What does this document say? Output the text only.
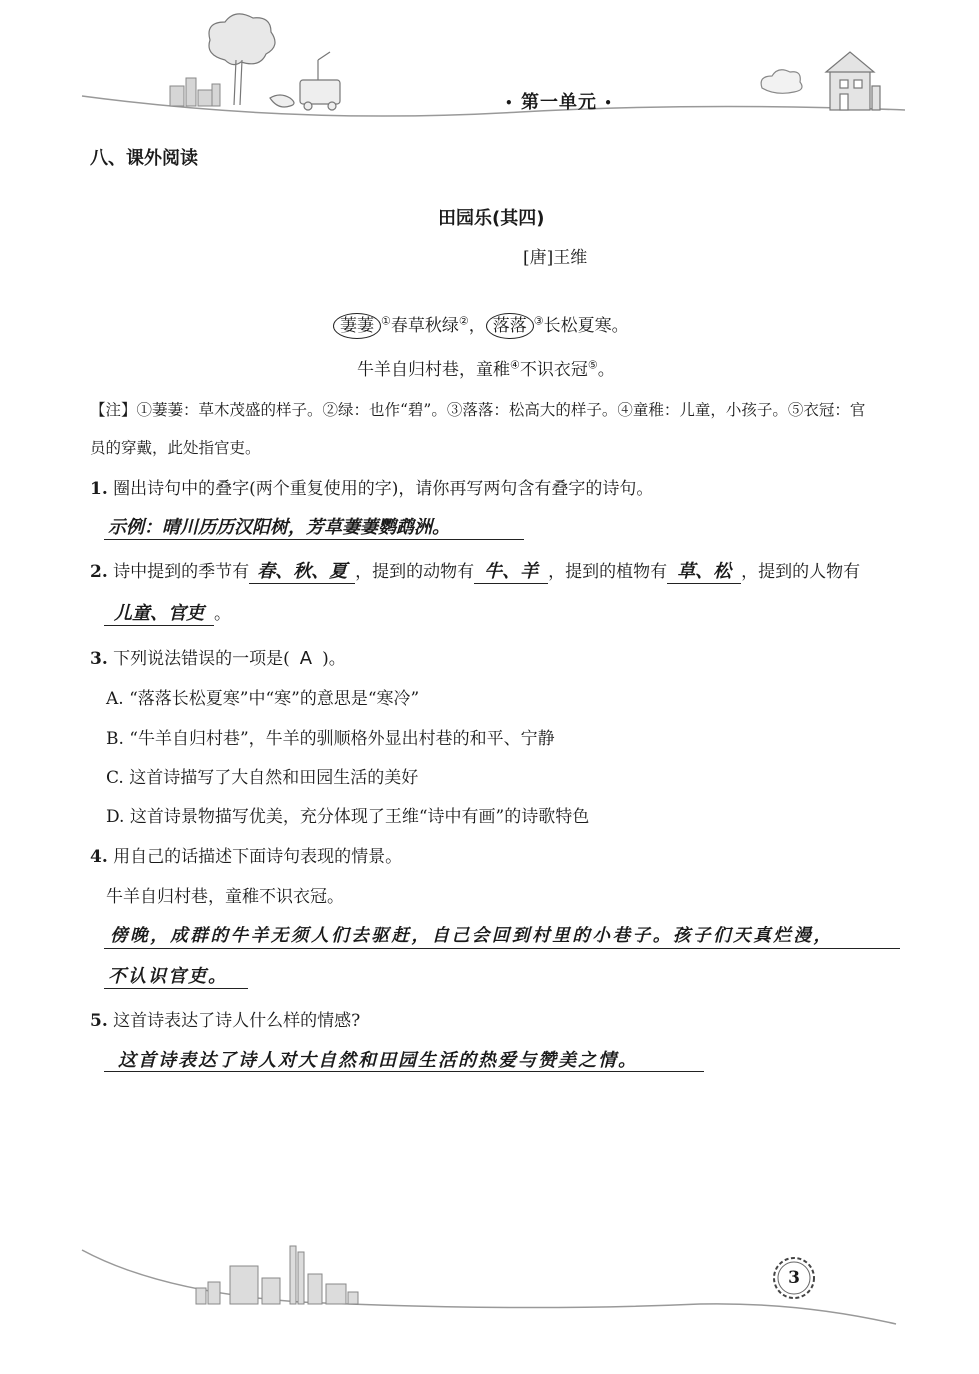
• 第一单元 •
八、课外阅读
田园乐(其四)
[唐]王维
萋萋 ①春草秋绿②， 落落 ③长松夏寒。
牛羊自归村巷，童稚④不识衣冠⑤。
【注】①萋萋：草木茂盛的样子。②绿：也作“碧”。③落落：松高大的样子。④童稚：儿童，小孩子。⑤衣冠：官
员的穿戴，此处指官吏。
1. 圈出诗句中的叠字(两个重复使用的字)，请你再写两句含有叠字的诗句。
示例：晴川历历汉阳树，芳草萋萋鹦鹉洲。
2. 诗中提到的季节有 春、秋、夏 ，提到的动物有 牛、羊 ，提到的植物有 草、松 ，提到的人物有
儿童、官吏 。
3. 下列说法错误的一项是( A )。
A. “落落长松夏寒”中“寒”的意思是“寒冷”
B. “牛羊自归村巷”，牛羊的驯顺格外显出村巷的和平、宁静
C. 这首诗描写了大自然和田园生活的美好
D. 这首诗景物描写优美，充分体现了王维“诗中有画”的诗歌特色
4. 用自己的话描述下面诗句表现的情景。
牛羊自归村巷，童稚不识衣冠。
傍晚，成群的牛羊无须人们去驱赶，自己会回到村里的小巷子。孩子们天真烂漫，
不认识官吏。
5. 这首诗表达了诗人什么样的情感?
这首诗表达了诗人对大自然和田园生活的热爱与赞美之情。
3
